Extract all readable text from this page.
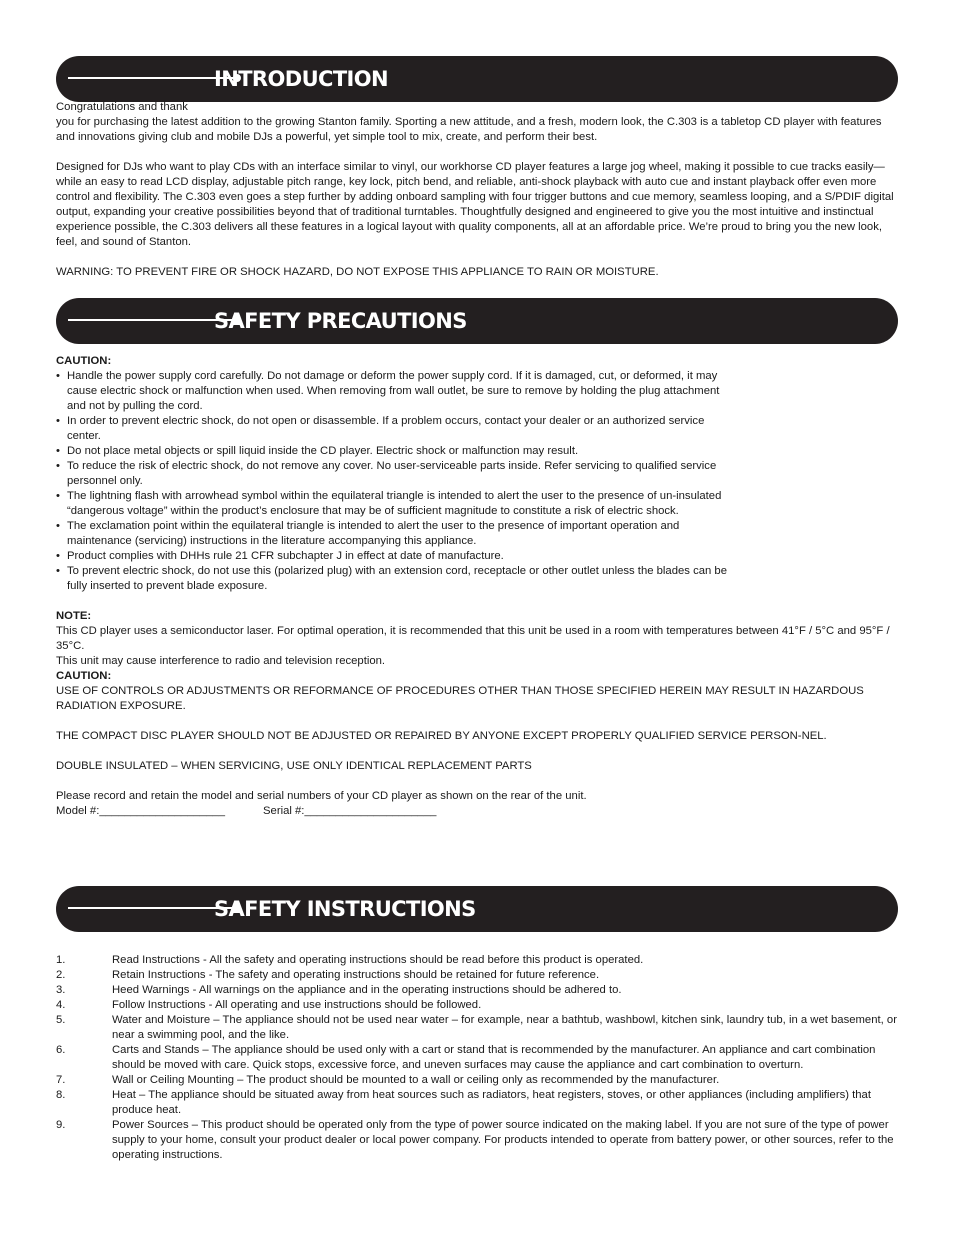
INTRODUCTION

Congratulations and thank

you for purchasing the latest addition to the growing Stanton family. Sporting a new attitude, and a fresh, modern look, the C.303 is a tabletop CD player with features and innovations giving club and mobile DJs a powerful, yet simple tool to mix, create, and perform their best.

Designed for DJs who want to play CDs with an interface similar to vinyl, our workhorse CD player features a large jog wheel, making it possible to cue tracks easily—while an easy to read LCD display, adjustable pitch range, key lock, pitch bend, and reliable, anti-shock playback with auto cue and instant playback offer even more control and flexibility. The C.303 even goes a step further by adding onboard sampling with four trigger buttons and cue memory, seamless looping, and a S/PDIF digital output, expanding your creative possibilities beyond that of traditional turntables. Thoughtfully designed and engineered to give you the most intuitive and instinctual experience possible, the C.303 delivers all these features in a logical layout with quality components, all at an affordable price. We’re proud to bring you the new look, feel, and sound of Stanton.

WARNING: TO PREVENT FIRE OR SHOCK HAZARD, DO NOT EXPOSE THIS APPLIANCE TO RAIN OR MOISTURE.

SAFETY PRECAUTIONS

CAUTION:

• Handle the power supply cord carefully. Do not damage or deform the power supply cord. If it is damaged, cut, or deformed, it may cause electric shock or malfunction when used. When removing from wall outlet, be sure to remove by holding the plug attachment and not by pulling the cord.
• In order to prevent electric shock, do not open or disassemble. If a problem occurs, contact your dealer or an authorized service center.
• Do not place metal objects or spill liquid inside the CD player. Electric shock or malfunction may result.
• To reduce the risk of electric shock, do not remove any cover. No user-serviceable parts inside. Refer servicing to qualified service personnel only.
• The lightning flash with arrowhead symbol within the equilateral triangle is intended to alert the user to the presence of un-insulated “dangerous voltage” within the product’s enclosure that may be of sufficient magnitude to constitute a risk of electric shock.
• The exclamation point within the equilateral triangle is intended to alert the user to the presence of important operation and maintenance (servicing) instructions in the literature accompanying this appliance.
• Product complies with DHHs rule 21 CFR subchapter J in effect at date of manufacture.
• To prevent electric shock, do not use this (polarized plug) with an extension cord, receptacle or other outlet unless the blades can be fully inserted to prevent blade exposure.

NOTE:

This CD player uses a semiconductor laser. For optimal operation, it is recommended that this unit be used in a room with temperatures between 41°F / 5°C and 95°F / 35°C.

This unit may cause interference to radio and television reception.

CAUTION:

USE OF CONTROLS OR ADJUSTMENTS OR REFORMANCE OF PROCEDURES OTHER THAN THOSE SPECIFIED HEREIN MAY RESULT IN HAZARDOUS RADIATION EXPOSURE.

THE COMPACT DISC PLAYER SHOULD NOT BE ADJUSTED OR REPAIRED BY ANYONE EXCEPT PROPERLY QUALIFIED SERVICE PERSON-NEL.

DOUBLE INSULATED – WHEN SERVICING, USE ONLY IDENTICAL REPLACEMENT PARTS

Please record and retain the model and serial numbers of your CD player as shown on the rear of the unit.

Model #:____________________	Serial #:_____________________

SAFETY INSTRUCTIONS
1.	Read Instructions - All the safety and operating instructions should be read before this product is operated.
2.	Retain Instructions - The safety and operating instructions should be retained for future reference.
3.	Heed Warnings - All warnings on the appliance and in the operating instructions should be adhered to.
4.	Follow Instructions - All operating and use instructions should be followed.
5.	Water and Moisture – The appliance should not be used near water – for example, near a bathtub, washbowl, kitchen sink, laundry tub, in a wet basement, or near a swimming pool, and the like.
6.	Carts and Stands – The appliance should be used only with a cart or stand that is recommended by the manufacturer. An appliance and cart combination should be moved with care. Quick stops, excessive force, and uneven surfaces may cause the appliance and cart combination to overturn.
7.	Wall or Ceiling Mounting – The product should be mounted to a wall or ceiling only as recommended by the manufacturer.
8.	Heat – The appliance should be situated away from heat sources such as radiators, heat registers, stoves, or other appliances (including amplifiers) that produce heat.
9.	Power Sources – This product should be operated only from the type of power source indicated on the making label. If you are not sure of the type of power supply to your home, consult your product dealer or local power company. For products intended to operate from battery power, or other sources, refer to the operating instructions.
